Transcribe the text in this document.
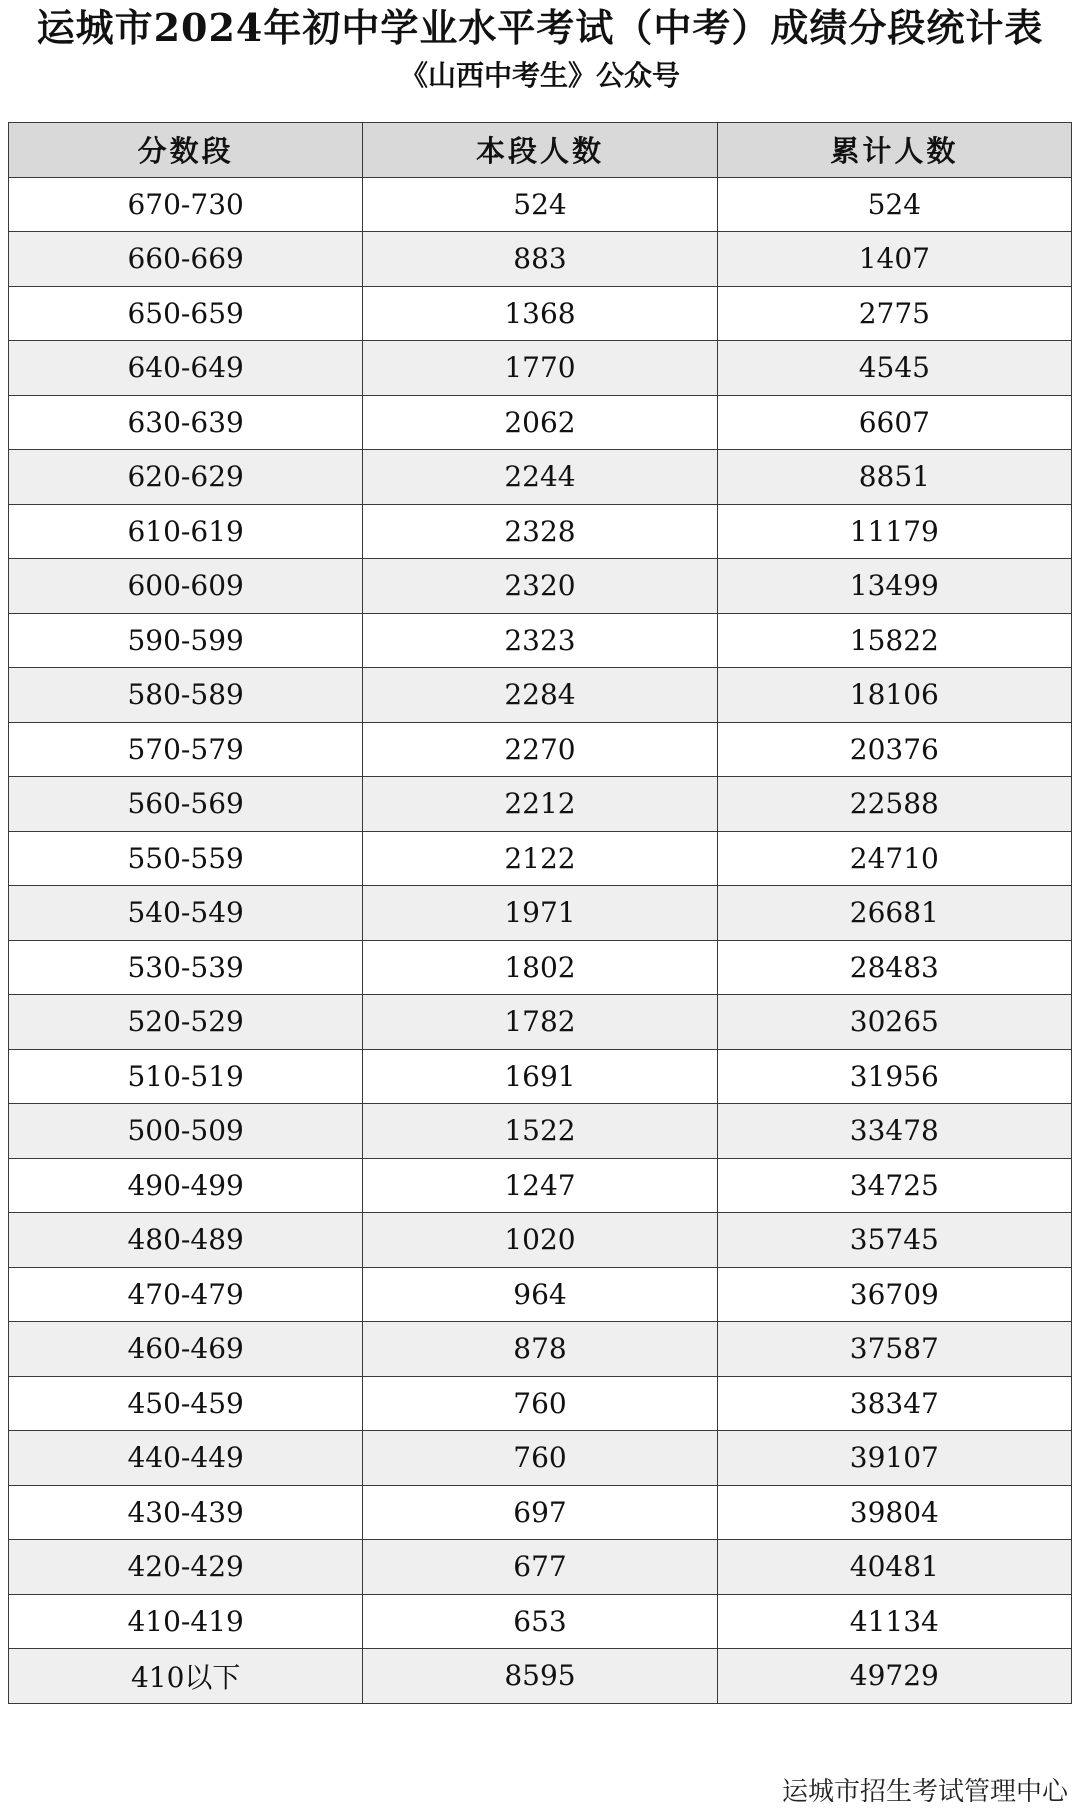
运城市2024年初中学业水平考试（中考）成绩分段统计表
《山西中考生》公众号
分数段	本段人数	累计人数
670-730	524	524
660-669	883	1407
650-659	1368	2775
640-649	1770	4545
630-639	2062	6607
620-629	2244	8851
610-619	2328	11179
600-609	2320	13499
590-599	2323	15822
580-589	2284	18106
570-579	2270	20376
560-569	2212	22588
550-559	2122	24710
540-549	1971	26681
530-539	1802	28483
520-529	1782	30265
510-519	1691	31956
500-509	1522	33478
490-499	1247	34725
480-489	1020	35745
470-479	964	36709
460-469	878	37587
450-459	760	38347
440-449	760	39107
430-439	697	39804
420-429	677	40481
410-419	653	41134
410以下	8595	49729
运城市招生考试管理中心
